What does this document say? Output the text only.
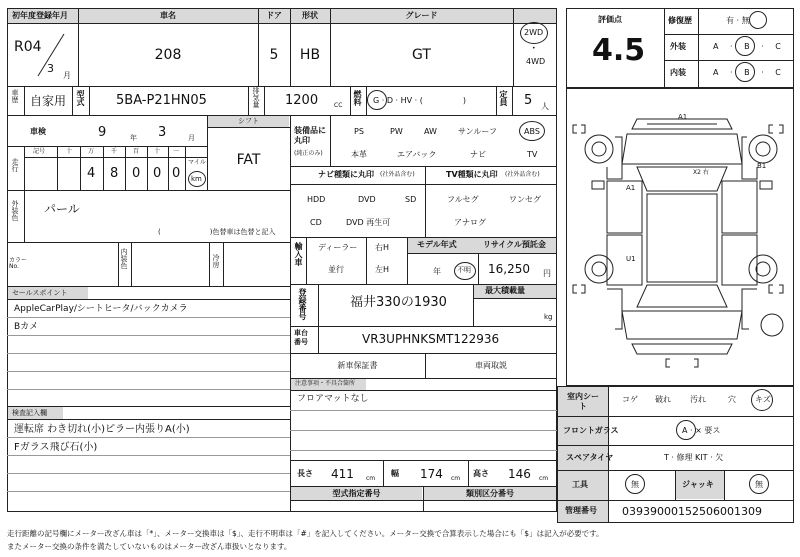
初年度登録年月
R04
3
月
車名
208
ドア
5
形状
HB
グレード
GT
2WD
•
4WD
車歴 自家用 型式 5BA-P21HN05	排気量 1200	CC 燃料 G · D · HV · (　　　　　)	定員 5 人
車検	9	年 3	月
シフト
FAT
走行
記号	十	万	千	百 十 一
4 8 0 0 0
マイル
km
外装色 パール
(　　　　　　　)色替車は色替と記入
カラーNo.	内装色	冷房
セールスポイント
AppleCarPlay/シートヒータ/バックカメラ
Bカメ
検査記入欄
運転席 わき切れ(小)ピラー内張りA(小)
Fガラス飛び石(小)
装備品に丸印
(純正のみ)
PS	PW	AW	サンルーフ	ABS
本革	エアバック	ナビ	TV
ナビ種類に丸印 (社外品含む)
HDD	DVD	SD
CD	DVD 再生可
TV種類に丸印 (社外品含む)
フルセグ	ワンセグ
アナログ
輸入車 ディーラー
並行
右H
左H
モデル年式
年 不明
リサイクル預託金
16,250 円
登録番号	福井330の1930
最大積載量
kg
車台番号	VR3UPHNKSMT122936
新車保証書	車両取説
注意事項・不具合箇所
フロアマットなし
長さ 411 cm
幅 174 cm
高さ 146 cm
型式指定番号	類別区分番号
評価点
4.5
修復歴	有 · 無
外装	A · B · C
内装	A · B · C
A1
B1
A1
U1
X2 右
室内シート
コゲ 破れ 汚れ	穴 キズ
フロントガラス	A · × 要ス
スペアタイヤ	T · 修理 KIT · 欠
工具	無	ジャッキ	無
管理番号 0393900015250600130​9
走行距離の記号欄にメーター改ざん車は「*」、メーター交換車は「$」、走行不明車は「#」を記入してください。メーター交換で合算表示した場合にも「$」は記入が必要です。
またメーター交換の条件を満たしていないものはメーター改ざん車扱いとなります。
